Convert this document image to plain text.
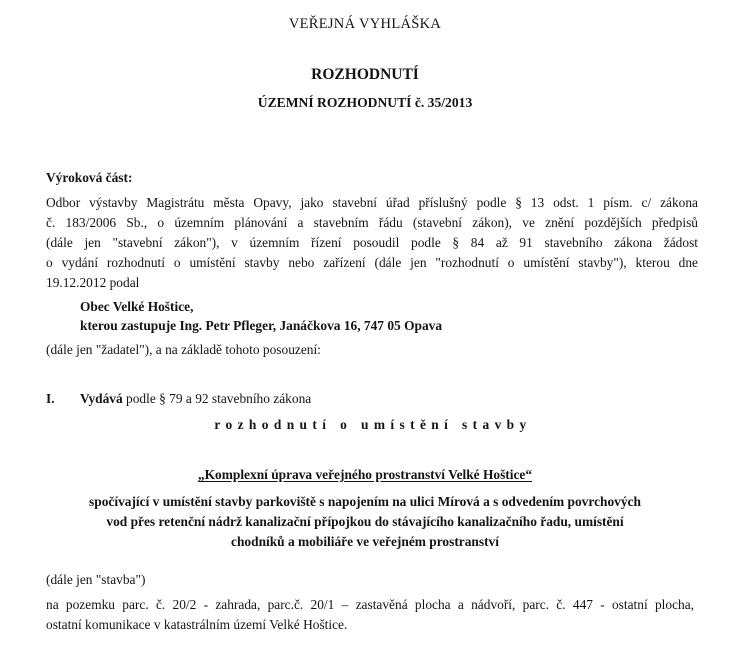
VEŘEJNÁ VYHLÁŠKA
ROZHODNUTÍ
ÚZEMNÍ ROZHODNUTÍ č. 35/2013
Výroková část:
Odbor výstavby Magistrátu města Opavy, jako stavební úřad příslušný podle § 13 odst. 1 písm. c/ zákona
č. 183/2006 Sb., o územním plánování a stavebním řádu (stavební zákon), ve znění pozdějších předpisů
(dále jen "stavební zákon"), v územním řízení posoudil podle § 84 až 91 stavebního zákona žádost
o vydání rozhodnutí o umístění stavby nebo zařízení (dále jen "rozhodnutí o umístění stavby"), kterou dne
19.12.2012 podal
Obec Velké Hoštice,
kterou zastupuje Ing. Petr Pfleger, Janáčkova 16, 747 05 Opava
(dále jen "žadatel"), a na základě tohoto posouzení:
I. Vydává podle § 79 a 92 stavebního zákona
rozhodnutí o umístění stavby
„Komplexní úprava veřejného prostranství Velké Hoštice“
spočívající v umístění stavby parkoviště s napojením na ulici Mírová a s odvedením povrchových
vod přes retenční nádrž kanalizační přípojkou do stávajícího kanalizačního řadu, umístění
chodníků a mobiliáře ve veřejném prostranství
(dále jen "stavba")
na pozemku parc. č. 20/2 - zahrada, parc.č. 20/1 – zastavěná plocha a nádvoří, parc. č. 447 - ostatní plocha,
ostatní komunikace v katastrálním území Velké Hoštice.
